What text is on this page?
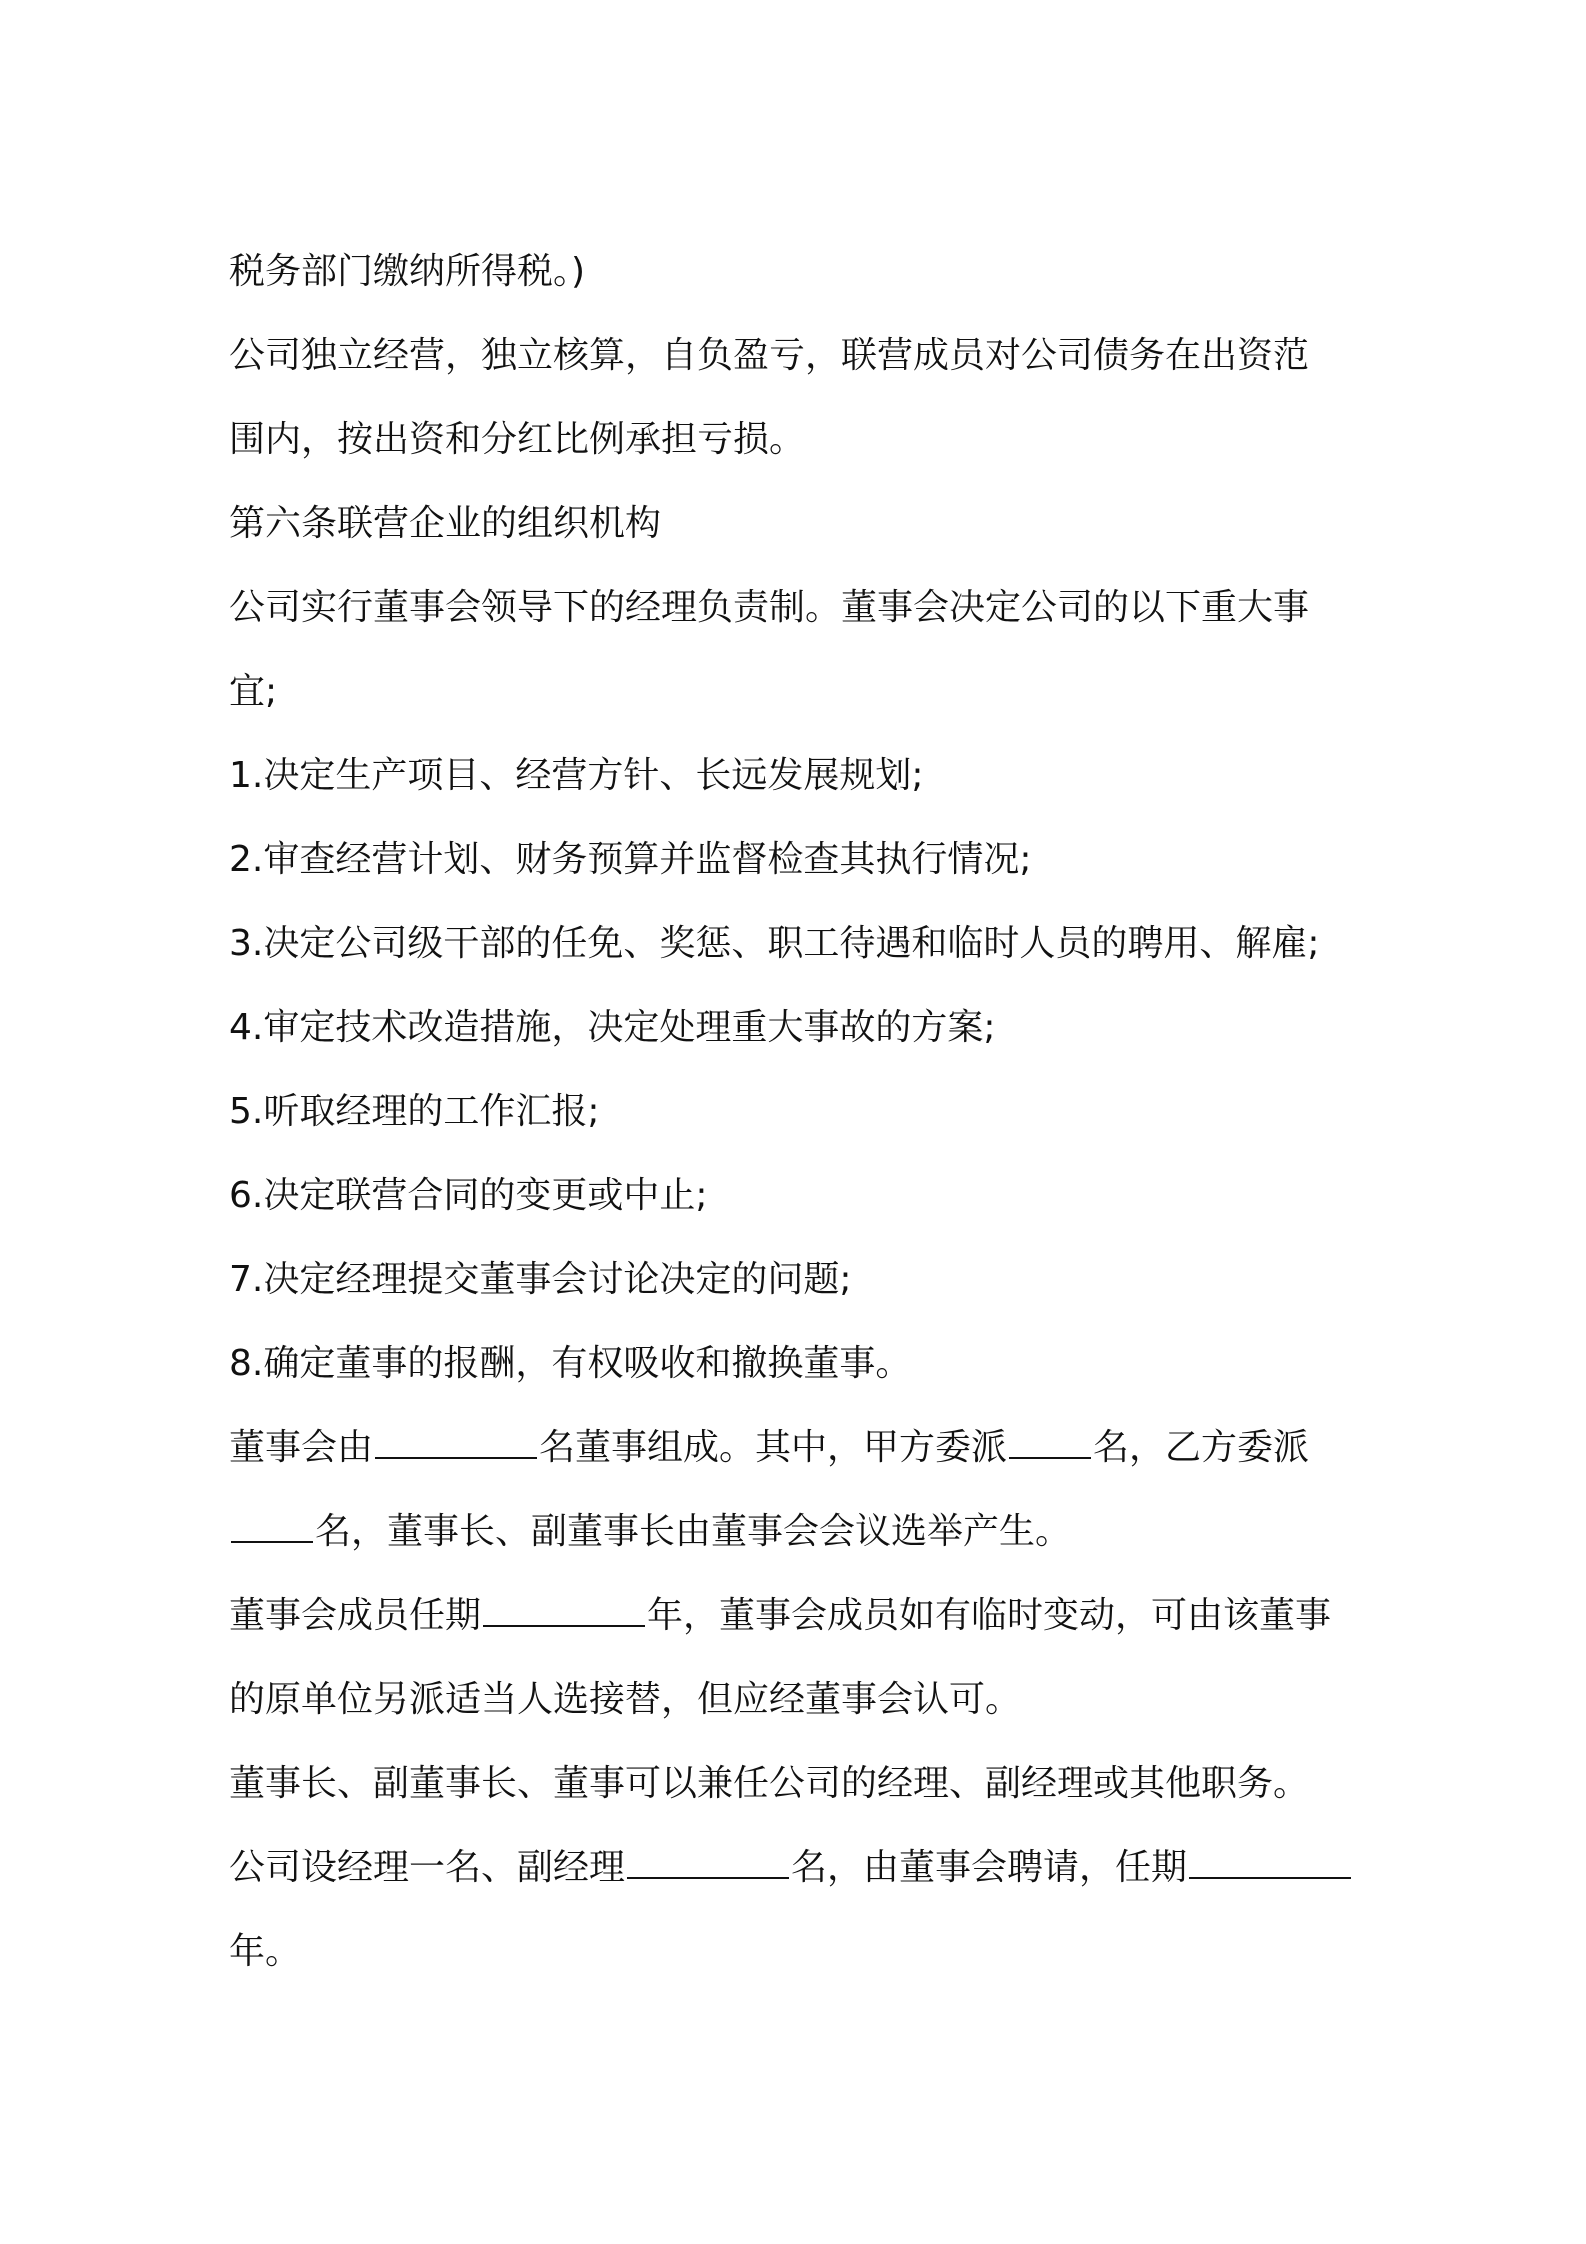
税务部门缴纳所得税。)
公司独立经营，独立核算，自负盈亏，联营成员对公司债务在出资范
围内，按出资和分红比例承担亏损。
第六条联营企业的组织机构
公司实行董事会领导下的经理负责制。董事会决定公司的以下重大事
宜;
1.决定生产项目、经营方针、长远发展规划;
2.审查经营计划、财务预算并监督检查其执行情况;
3.决定公司级干部的任免、奖惩、职工待遇和临时人员的聘用、解雇;
4.审定技术改造措施，决定处理重大事故的方案;
5.听取经理的工作汇报;
6.决定联营合同的变更或中止;
7.决定经理提交董事会讨论决定的问题;
8.确定董事的报酬，有权吸收和撤换董事。
董事会由	名董事组成。其中，甲方委派 名，乙方委派
名，董事长、副董事长由董事会会议选举产生。
董事会成员任期	年，董事会成员如有临时变动，可由该董事
的原单位另派适当人选接替，但应经董事会认可。
董事长、副董事长、董事可以兼任公司的经理、副经理或其他职务。
公司设经理一名、副经理	名，由董事会聘请，任期
年。
